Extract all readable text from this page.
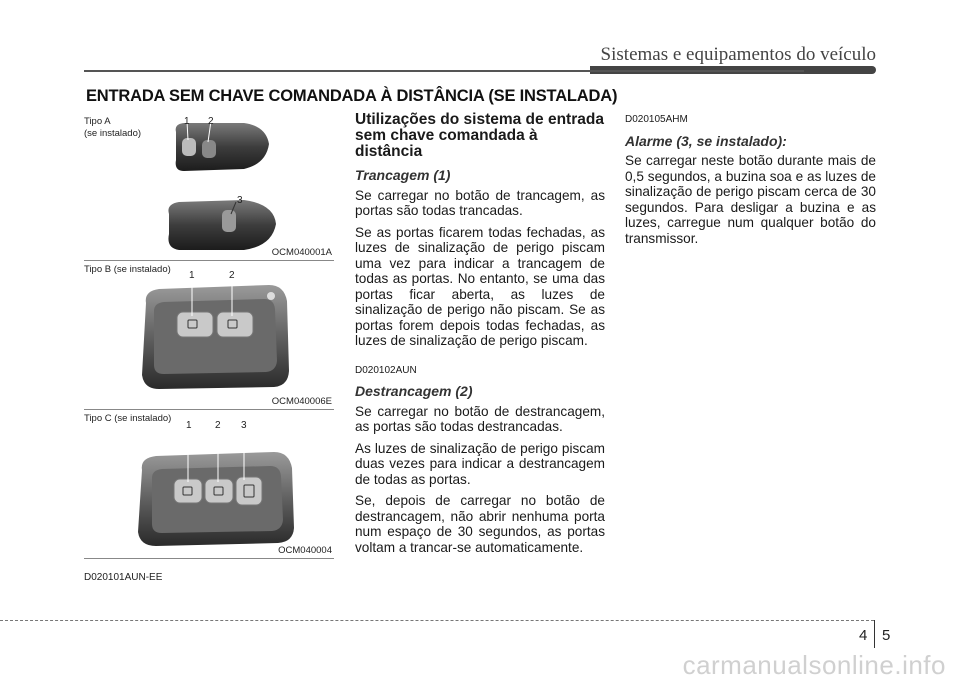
Sistemas e equipamentos do veículo
ENTRADA SEM CHAVE COMANDADA À DISTÂNCIA (SE INSTALADA)
Tipo A
(se instalado)
1 2
3
OCM040001A
Tipo B (se instalado)
1	2
OCM040006E
Tipo C (se instalado)
1 2 3
OCM040004
D020101AUN-EE
Utilizações do sistema de entrada sem chave comandada à distância
Trancagem (1)

Se carregar no botão de trancagem, as portas são todas trancadas.

Se as portas ficarem todas fechadas, as luzes de sinalização de perigo piscam uma vez para indicar a trancagem de todas as portas. No entanto, se uma das portas ficar aberta, as luzes de sinalização de perigo não piscam. Se as portas forem depois todas fechadas, as luzes de sinalização de perigo piscam.

D020102AUN
Destrancagem (2)

Se carregar no botão de destrancagem, as portas são todas destrancadas.

As luzes de sinalização de perigo piscam duas vezes para indicar a destrancagem de todas as portas.

Se, depois de carregar no botão de destrancagem, não abrir nenhuma porta num espaço de 30 segundos, as portas voltam a trancar-se automaticamente.

D020105AHM
Alarme (3, se instalado):

Se carregar neste botão durante mais de 0,5 segundos, a buzina soa e as luzes de sinalização de perigo piscam cerca de 30 segundos. Para desligar a buzina e as luzes, carregue num qualquer botão do transmissor.

4 5
carmanualsonline.info
